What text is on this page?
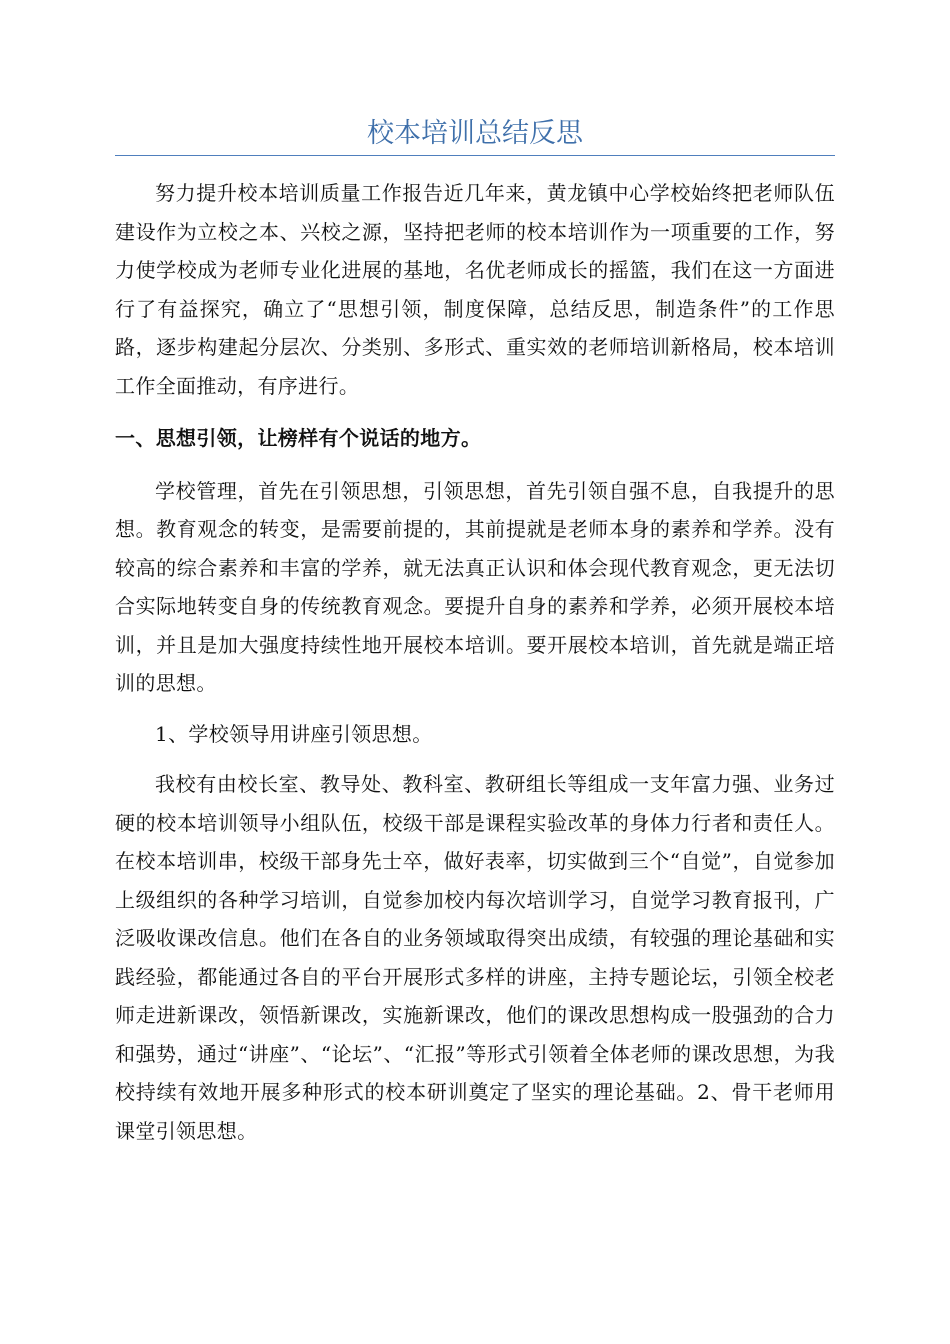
校本培训总结反思

努力提升校本培训质量工作报告近几年来，黄龙镇中心学校始终把老师队伍建设作为立校之本、兴校之源，坚持把老师的校本培训作为一项重要的工作，努力使学校成为老师专业化进展的基地，名优老师成长的摇篮，我们在这一方面进行了有益探究，确立了“思想引领，制度保障，总结反思，制造条件”的工作思路，逐步构建起分层次、分类别、多形式、重实效的老师培训新格局，校本培训工作全面推动，有序进行。

一、思想引领，让榜样有个说话的地方。

学校管理，首先在引领思想，引领思想，首先引领自强不息，自我提升的思想。教育观念的转变，是需要前提的，其前提就是老师本身的素养和学养。没有较高的综合素养和丰富的学养，就无法真正认识和体会现代教育观念，更无法切合实际地转变自身的传统教育观念。要提升自身的素养和学养，必须开展校本培训，并且是加大强度持续性地开展校本培训。要开展校本培训，首先就是端正培训的思想。

1、学校领导用讲座引领思想。

我校有由校长室、教导处、教科室、教研组长等组成一支年富力强、业务过硬的校本培训领导小组队伍，校级干部是课程实验改革的身体力行者和责任人。在校本培训串，校级干部身先士卒，做好表率，切实做到三个“自觉”，自觉参加上级组织的各种学习培训，自觉参加校内每次培训学习，自觉学习教育报刊，广泛吸收课改信息。他们在各自的业务领域取得突出成绩，有较强的理论基础和实践经验，都能通过各自的平台开展形式多样的讲座，主持专题论坛，引领全校老师走进新课改，领悟新课改，实施新课改，他们的课改思想构成一股强劲的合力和强势，通过“讲座”、“论坛”、“汇报”等形式引领着全体老师的课改思想，为我校持续有效地开展多种形式的校本研训奠定了坚实的理论基础。2、骨干老师用课堂引领思想。
